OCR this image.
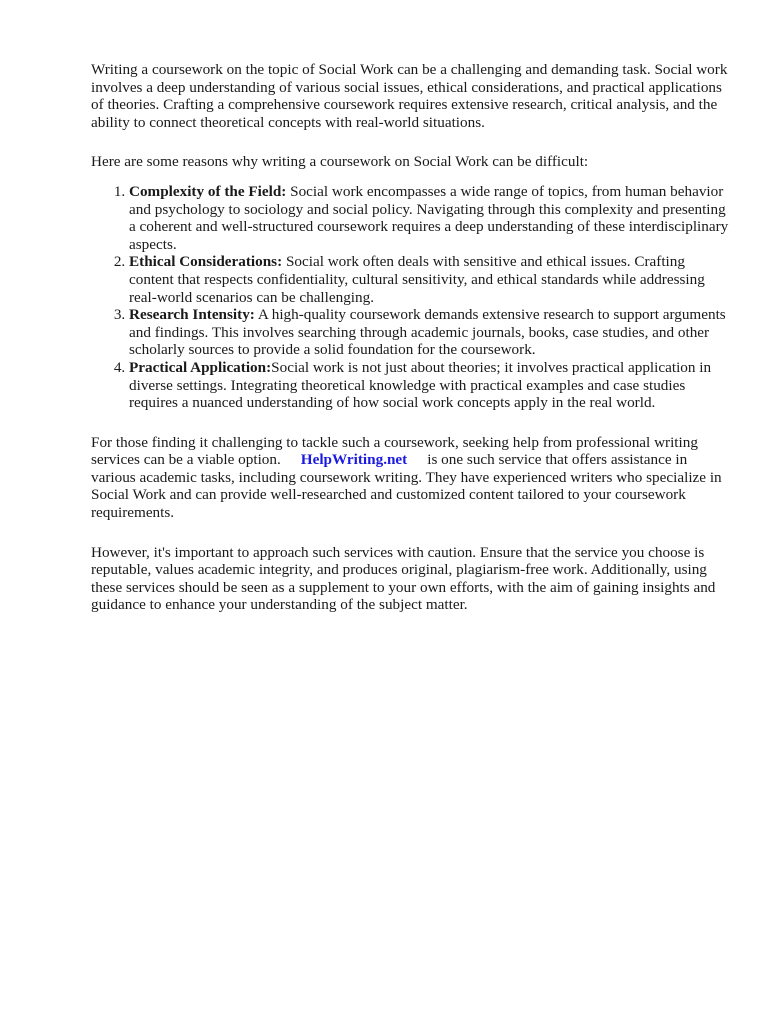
Writing a coursework on the topic of Social Work can be a challenging and demanding task. Social work involves a deep understanding of various social issues, ethical considerations, and practical applications of theories. Crafting a comprehensive coursework requires extensive research, critical analysis, and the ability to connect theoretical concepts with real-world situations.

Here are some reasons why writing a coursework on Social Work can be difficult:

1. Complexity of the Field: Social work encompasses a wide range of topics, from human behavior and psychology to sociology and social policy. Navigating through this complexity and presenting a coherent and well-structured coursework requires a deep understanding of these interdisciplinary aspects.
2. Ethical Considerations: Social work often deals with sensitive and ethical issues. Crafting content that respects confidentiality, cultural sensitivity, and ethical standards while addressing real-world scenarios can be challenging.
3. Research Intensity: A high-quality coursework demands extensive research to support arguments and findings. This involves searching through academic journals, books, case studies, and other scholarly sources to provide a solid foundation for the coursework.
4. Practical Application:Social work is not just about theories; it involves practical application in diverse settings. Integrating theoretical knowledge with practical examples and case studies requires a nuanced understanding of how social work concepts apply in the real world.

For those finding it challenging to tackle such a coursework, seeking help from professional writing services can be a viable option. HelpWriting.net is one such service that offers assistance in various academic tasks, including coursework writing. They have experienced writers who specialize in Social Work and can provide well-researched and customized content tailored to your coursework requirements.

However, it's important to approach such services with caution. Ensure that the service you choose is reputable, values academic integrity, and produces original, plagiarism-free work. Additionally, using these services should be seen as a supplement to your own efforts, with the aim of gaining insights and guidance to enhance your understanding of the subject matter.
